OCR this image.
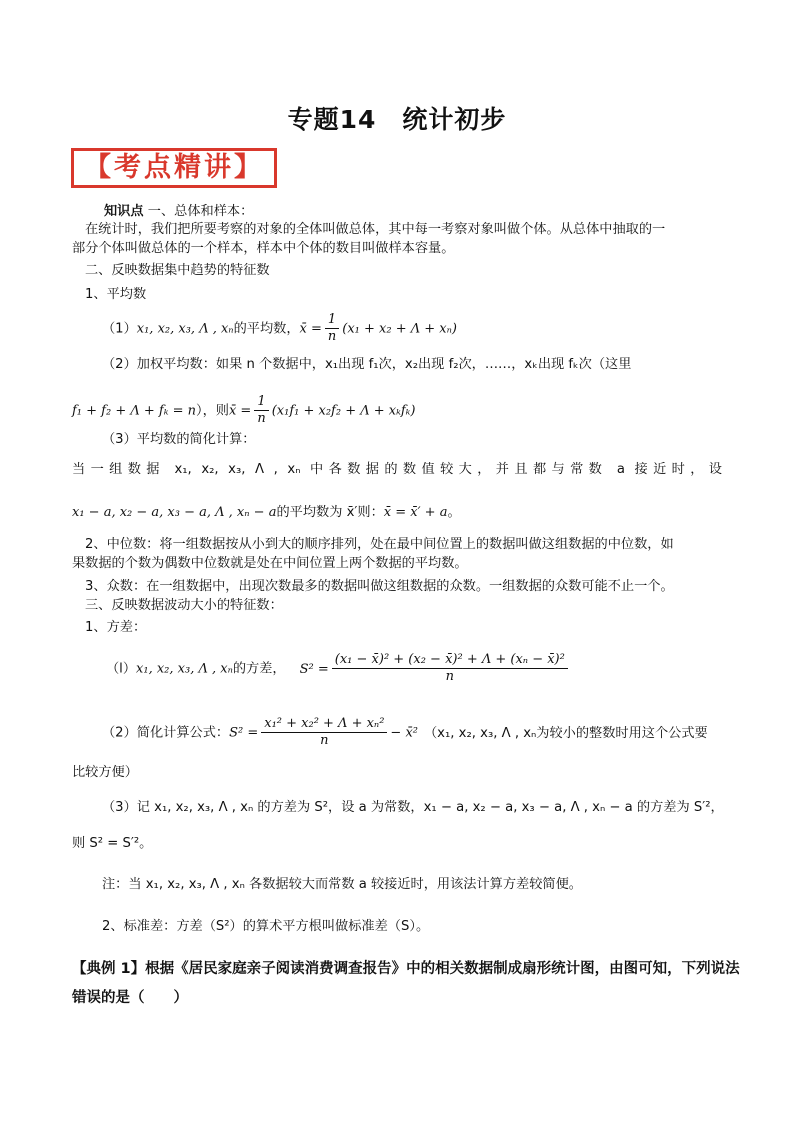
专题14　统计初步
【考点精讲】
知识点 一、总体和样本：
在统计时，我们把所要考察的对象的全体叫做总体，其中每一考察对象叫做个体。从总体中抽取的一
部分个体叫做总体的一个样本，样本中个体的数目叫做样本容量。
二、反映数据集中趋势的特征数
1、平均数
（1）x₁, x₂, x₃, Λ , xₙ的平均数，x̄ = $\frac{1}{n} (x_1 + x_2 + \Lambda + x_n)$
（2）加权平均数：如果 n 个数据中，x₁出现 f₁次，x₂出现 f₂次，……，xₖ出现 fₖ次（这里
f₁ + f₂ + Λ + fₖ = n），则x̄ = $\frac{1}{n} (x_1f_1 + x_2f_2 + \Lambda + x_kf_k)$
（3）平均数的简化计算：
当一组数据 x₁, x₂, x₃, Λ , xₙ 中各数据的数值较大，并且都与常数 a 接近时，设
x₁ − a, x₂ − a, x₃ − a, Λ , xₙ − a的平均数为 x̄′则：x̄ = x̄′ + a。
2、中位数：将一组数据按从小到大的顺序排列，处在最中间位置上的数据叫做这组数据的中位数，如
果数据的个数为偶数中位数就是处在中间位置上两个数据的平均数。
3、众数：在一组数据中，出现次数最多的数据叫做这组数据的众数。一组数据的众数可能不止一个。
三、反映数据波动大小的特征数：
1、方差：
（l）x₁, x₂, x₃, Λ , xₙ的方差， $S^2 = \frac{\text{(x₁ − x̄)² + (x₂ − x̄)² + Λ + (xₙ − x̄)²}}{n}$
（2）简化计算公式：$S^2 = \frac{\text{x₁² + x₂² + Λ + xₙ²}}{n}$ − x̄² （x₁, x₂, x₃, Λ , xₙ为较小的整数时用这个公式要
比较方便）
（3）记 x₁, x₂, x₃, Λ , xₙ 的方差为 S²，设 a 为常数，x₁ − a, x₂ − a, x₃ − a, Λ , xₙ − a 的方差为 S′²，
则 S² = S′²。
注：当 x₁, x₂, x₃, Λ , xₙ 各数据较大而常数 a 较接近时，用该法计算方差较简便。
2、标准差：方差（S²）的算术平方根叫做标准差（S）。
【典例 1】根据《居民家庭亲子阅读消费调查报告》中的相关数据制成扇形统计图，由图可知，下列说法
错误的是（　　）
